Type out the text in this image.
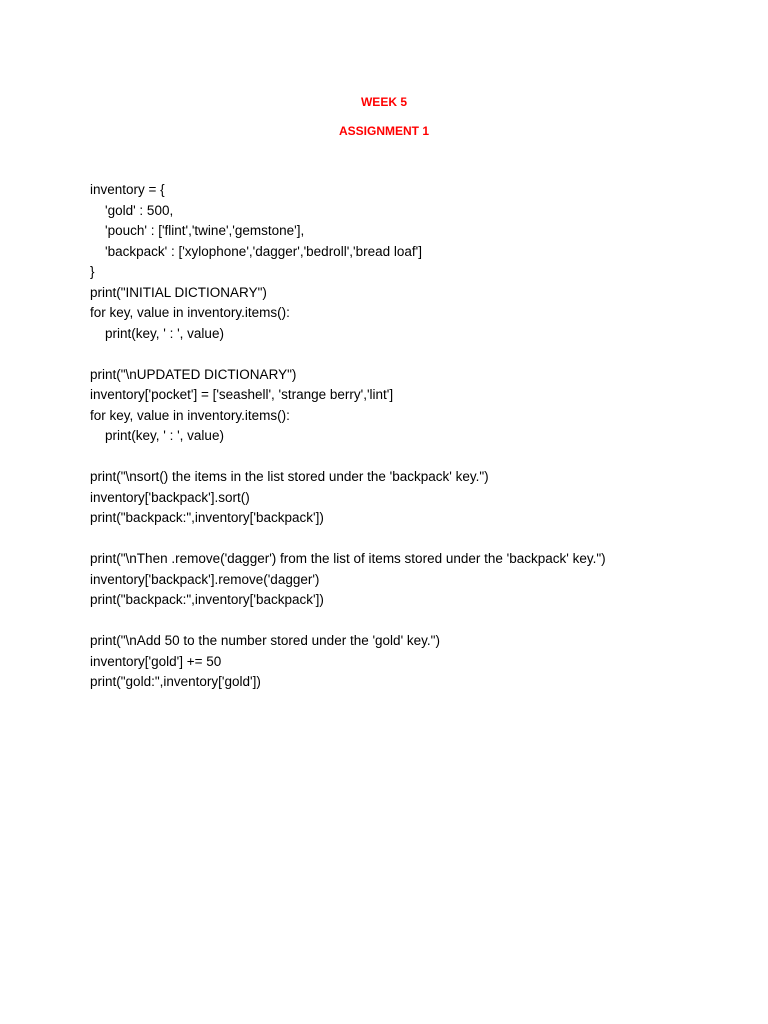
WEEK 5
ASSIGNMENT 1
inventory = {
'gold' : 500,
'pouch' : ['flint','twine','gemstone'],
'backpack' : ['xylophone','dagger','bedroll','bread loaf']
}
print("INITIAL DICTIONARY")
for key, value in inventory.items():
print(key, ' : ', value)
print("\nUPDATED DICTIONARY")
inventory['pocket'] = ['seashell', 'strange berry','lint']
for key, value in inventory.items():
print(key, ' : ', value)
print("\nsort() the items in the list stored under the 'backpack' key.")
inventory['backpack'].sort()
print("backpack:",inventory['backpack'])
print("\nThen .remove('dagger') from the list of items stored under the 'backpack' key.")
inventory['backpack'].remove('dagger')
print("backpack:",inventory['backpack'])
print("\nAdd 50 to the number stored under the 'gold' key.")
inventory['gold'] += 50
print("gold:",inventory['gold'])
